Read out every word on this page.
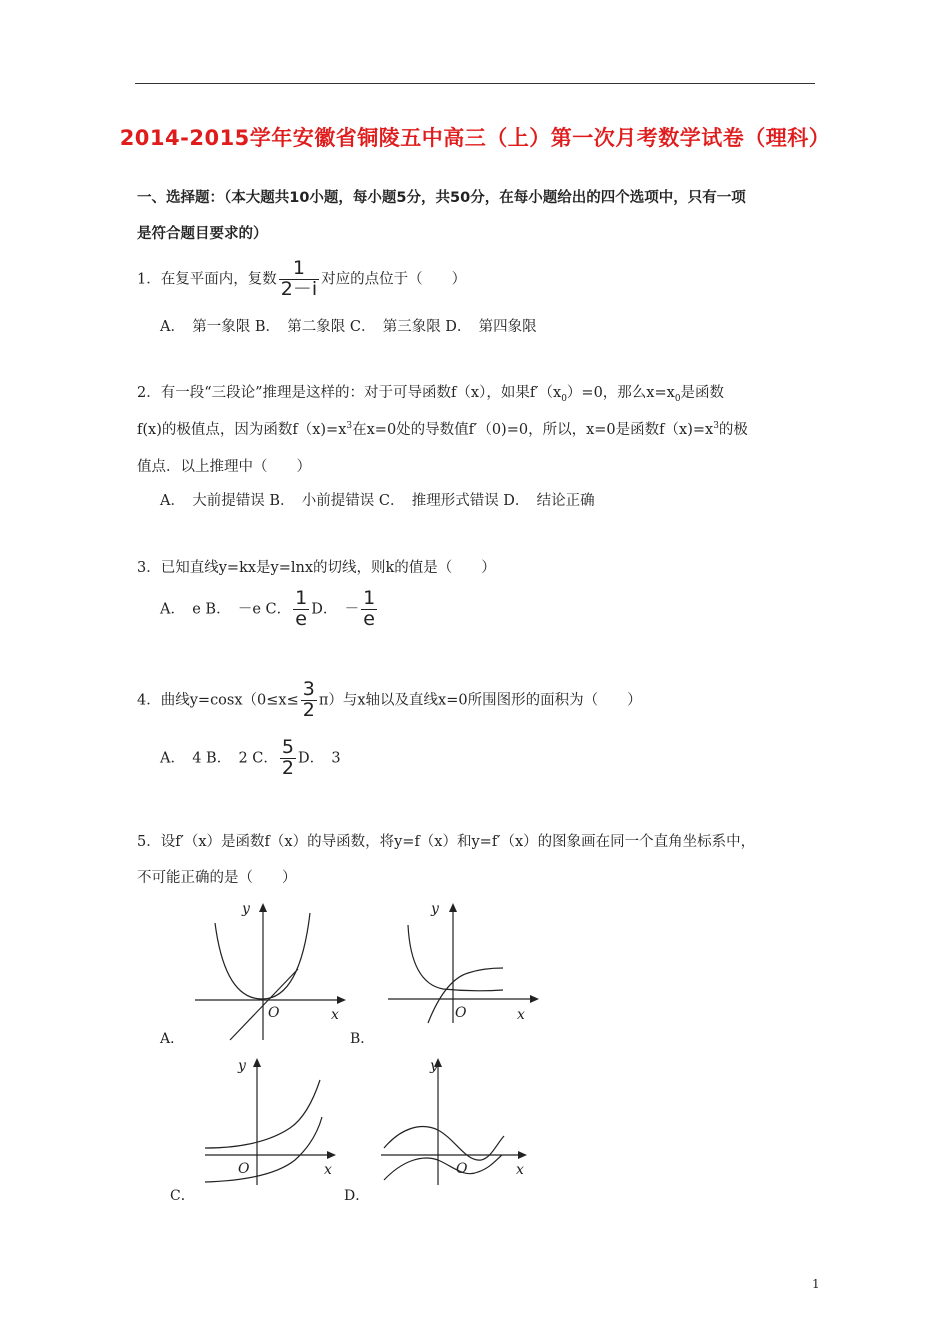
2014-2015学年安徽省铜陵五中高三（上）第一次月考数学试卷（理科）
一、选择题：（本大题共10小题，每小题5分，共50分，在每小题给出的四个选项中，只有一项
是符合题目要求的）
1．在复平面内，复数 $\frac{1}{2-i}$ 对应的点位于（　　）
A．　第一象限 B．　第二象限 C．　第三象限 D．　第四象限
2．有一段“三段论”推理是这样的：对于可导函数f（x），如果$f'(x_0)=0$，那么$x=x_0$是函数
f(x)的极值点，因为函数$f(x)=x^3$在x=0处的导数值f′（0)=0，所以，x=0是函数$f(x)=x^3$的极
值点．以上推理中（　　）
A．　大前提错误 B．　小前提错误 C．　推理形式错误 D．　结论正确
3．已知直线y=kx是y=lnx的切线，则k的值是（　　）
A．　e B．　－e C． $\frac{1}{e}$ D．　－ $\frac{1}{e}$
4．曲线$y=\cos x(0\le x\le \frac{3}{2} \pi)$与x轴以及直线x=0所围图形的面积为（　　）
A．　4 B．　2 C． $\frac{5}{2}$ D．　3
5．设f′（x）是函数f（x）的导函数，将y=f（x）和y=f′（x）的图象画在同一个直角坐标系中，
不可能正确的是（　　）
y
x
O
A．
y
x
O
B．
y
x
O
C．
y
x
O
D．
1
